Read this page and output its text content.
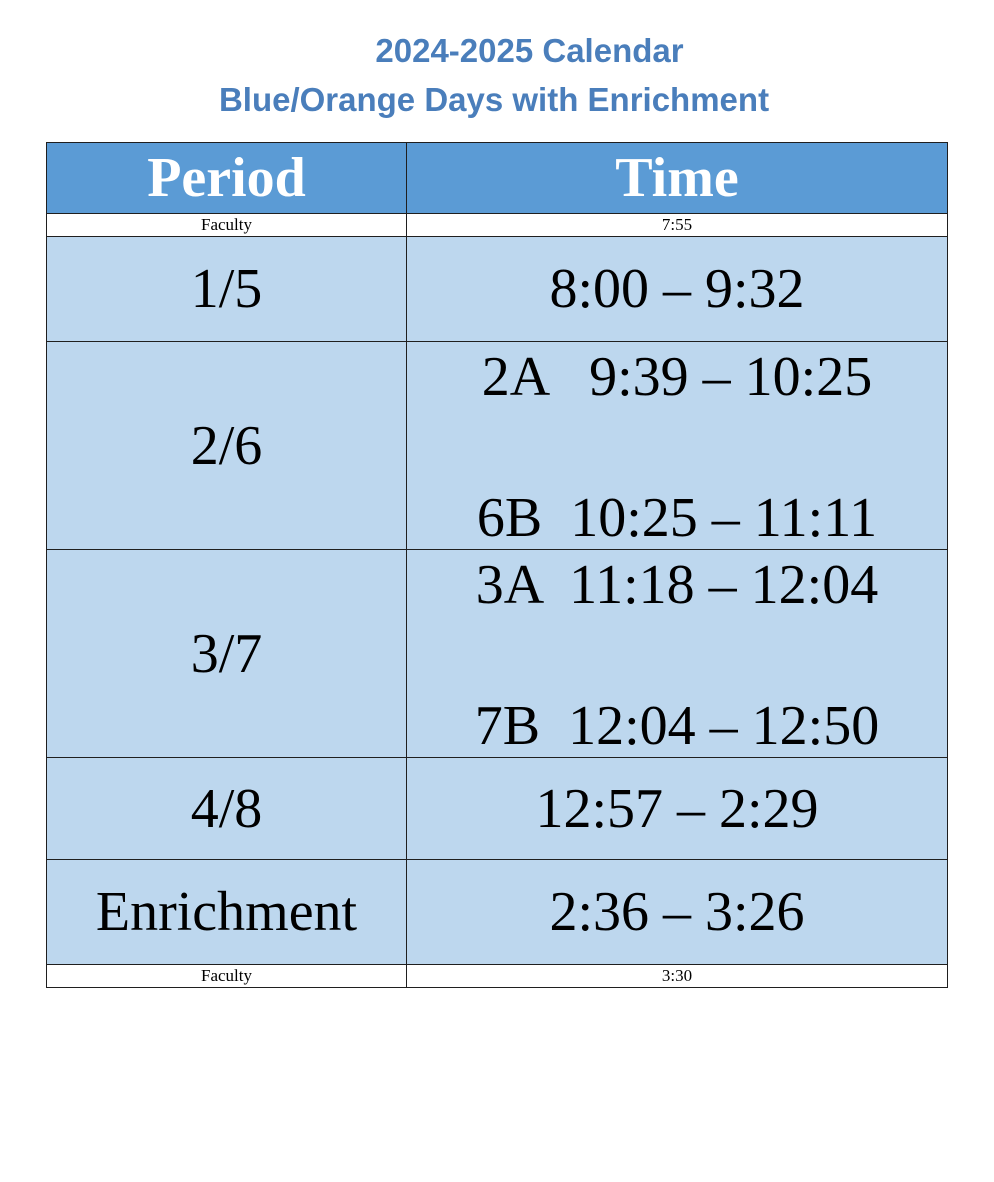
2024-2025 Calendar
Blue/Orange Days with Enrichment
Period	Time
Faculty	7:55
1/5	8:00 – 9:32
2/6	2A   9:39 – 10:25
6B  10:25 – 11:11

3/7	3A  11:18 – 12:04
7B  12:04 – 12:50

4/8	12:57 – 2:29
Enrichment	2:36 – 3:26
Faculty	3:30
